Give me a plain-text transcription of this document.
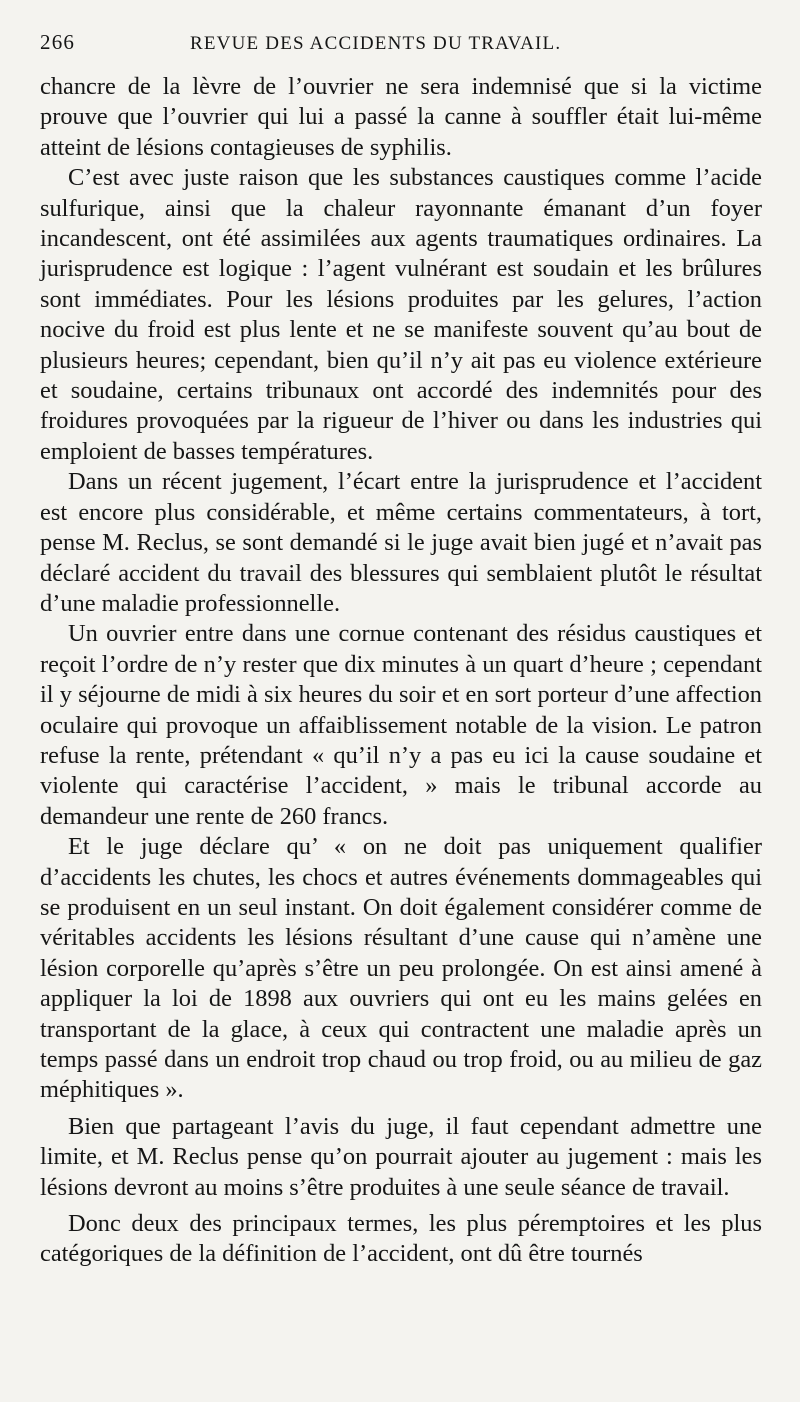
266	REVUE DES ACCIDENTS DU TRAVAIL.

chancre de la lèvre de l’ouvrier ne sera indemnisé que si la victime prouve que l’ouvrier qui lui a passé la canne à souffler était lui-même atteint de lésions contagieuses de syphilis.

C’est avec juste raison que les substances caustiques comme l’acide sulfurique, ainsi que la chaleur rayonnante émanant d’un foyer incandescent, ont été assimilées aux agents traumatiques ordinaires. La jurisprudence est logique : l’agent vulnérant est soudain et les brûlures sont immédiates. Pour les lésions produites par les gelures, l’action nocive du froid est plus lente et ne se manifeste souvent qu’au bout de plusieurs heures; cependant, bien qu’il n’y ait pas eu violence extérieure et soudaine, certains tribunaux ont accordé des indemnités pour des froidures provoquées par la rigueur de l’hiver ou dans les industries qui emploient de basses températures.

Dans un récent jugement, l’écart entre la jurisprudence et l’accident est encore plus considérable, et même certains commentateurs, à tort, pense M. Reclus, se sont demandé si le juge avait bien jugé et n’avait pas déclaré accident du travail des blessures qui semblaient plutôt le résultat d’une maladie professionnelle.

Un ouvrier entre dans une cornue contenant des résidus caustiques et reçoit l’ordre de n’y rester que dix minutes à un quart d’heure ; cependant il y séjourne de midi à six heures du soir et en sort porteur d’une affection oculaire qui provoque un affaiblissement notable de la vision. Le patron refuse la rente, prétendant « qu’il n’y a pas eu ici la cause soudaine et violente qui caractérise l’accident, » mais le tribunal accorde au demandeur une rente de 260 francs.

Et le juge déclare qu’ « on ne doit pas uniquement qualifier d’accidents les chutes, les chocs et autres événements dommageables qui se produisent en un seul instant. On doit également considérer comme de véritables accidents les lésions résultant d’une cause qui n’amène une lésion corporelle qu’après s’être un peu prolongée. On est ainsi amené à appliquer la loi de 1898 aux ouvriers qui ont eu les mains gelées en transportant de la glace, à ceux qui contractent une maladie après un temps passé dans un endroit trop chaud ou trop froid, ou au milieu de gaz méphitiques ».

Bien que partageant l’avis du juge, il faut cependant admettre une limite, et M. Reclus pense qu’on pourrait ajouter au jugement : mais les lésions devront au moins s’être produites à une seule séance de travail.

Donc deux des principaux termes, les plus péremptoires et les plus catégoriques de la définition de l’accident, ont dû être tournés
